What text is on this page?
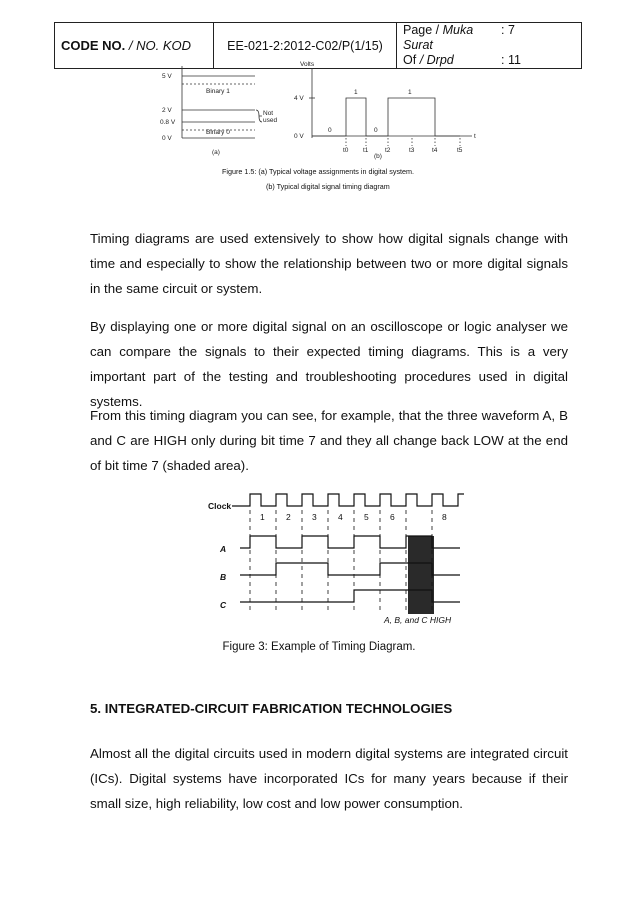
CODE NO. / NO. KOD	EE-021-2:2012-C02/P(1/15)	
Page / Muka Surat
: 7
Of / Drpd	: 11
5 V
2 V
0.8 V
0 V
Binary 1
Binary 0
Not
used
(a)
Volts
4 V
0 V
1	1
0	0
t
t0 t1	t2	t3	t4	t5
(b)
Figure 1.5: (a) Typical voltage assignments in digital system.
(b) Typical digital signal timing diagram
Timing diagrams are used extensively to show how digital signals change with time and especially to show the relationship between two or more digital signals in the same circuit or system.
By displaying one or more digital signal on an oscilloscope or logic analyser we can compare the signals to their expected timing diagrams. This is a very important part of the testing and troubleshooting procedures used in digital systems.
From this timing diagram you can see, for example, that the three waveform A, B and C are HIGH only during bit time 7 and they all change back LOW at the end of bit time 7 (shaded area).
Clock
1	2	3	4	5	6	7 8
A
B
C
A, B, and C HIGH
Figure 3: Example of Timing Diagram.
5. INTEGRATED-CIRCUIT FABRICATION TECHNOLOGIES
Almost all the digital circuits used in modern digital systems are integrated circuit (ICs). Digital systems have incorporated ICs for many years because if their small size, high reliability, low cost and low power consumption.
